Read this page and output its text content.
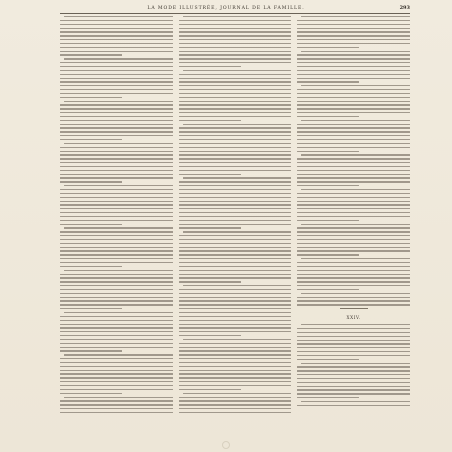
LA MODE ILLUSTRÉE, JOURNAL DE LA FAMILLE.	293
XXIV.
